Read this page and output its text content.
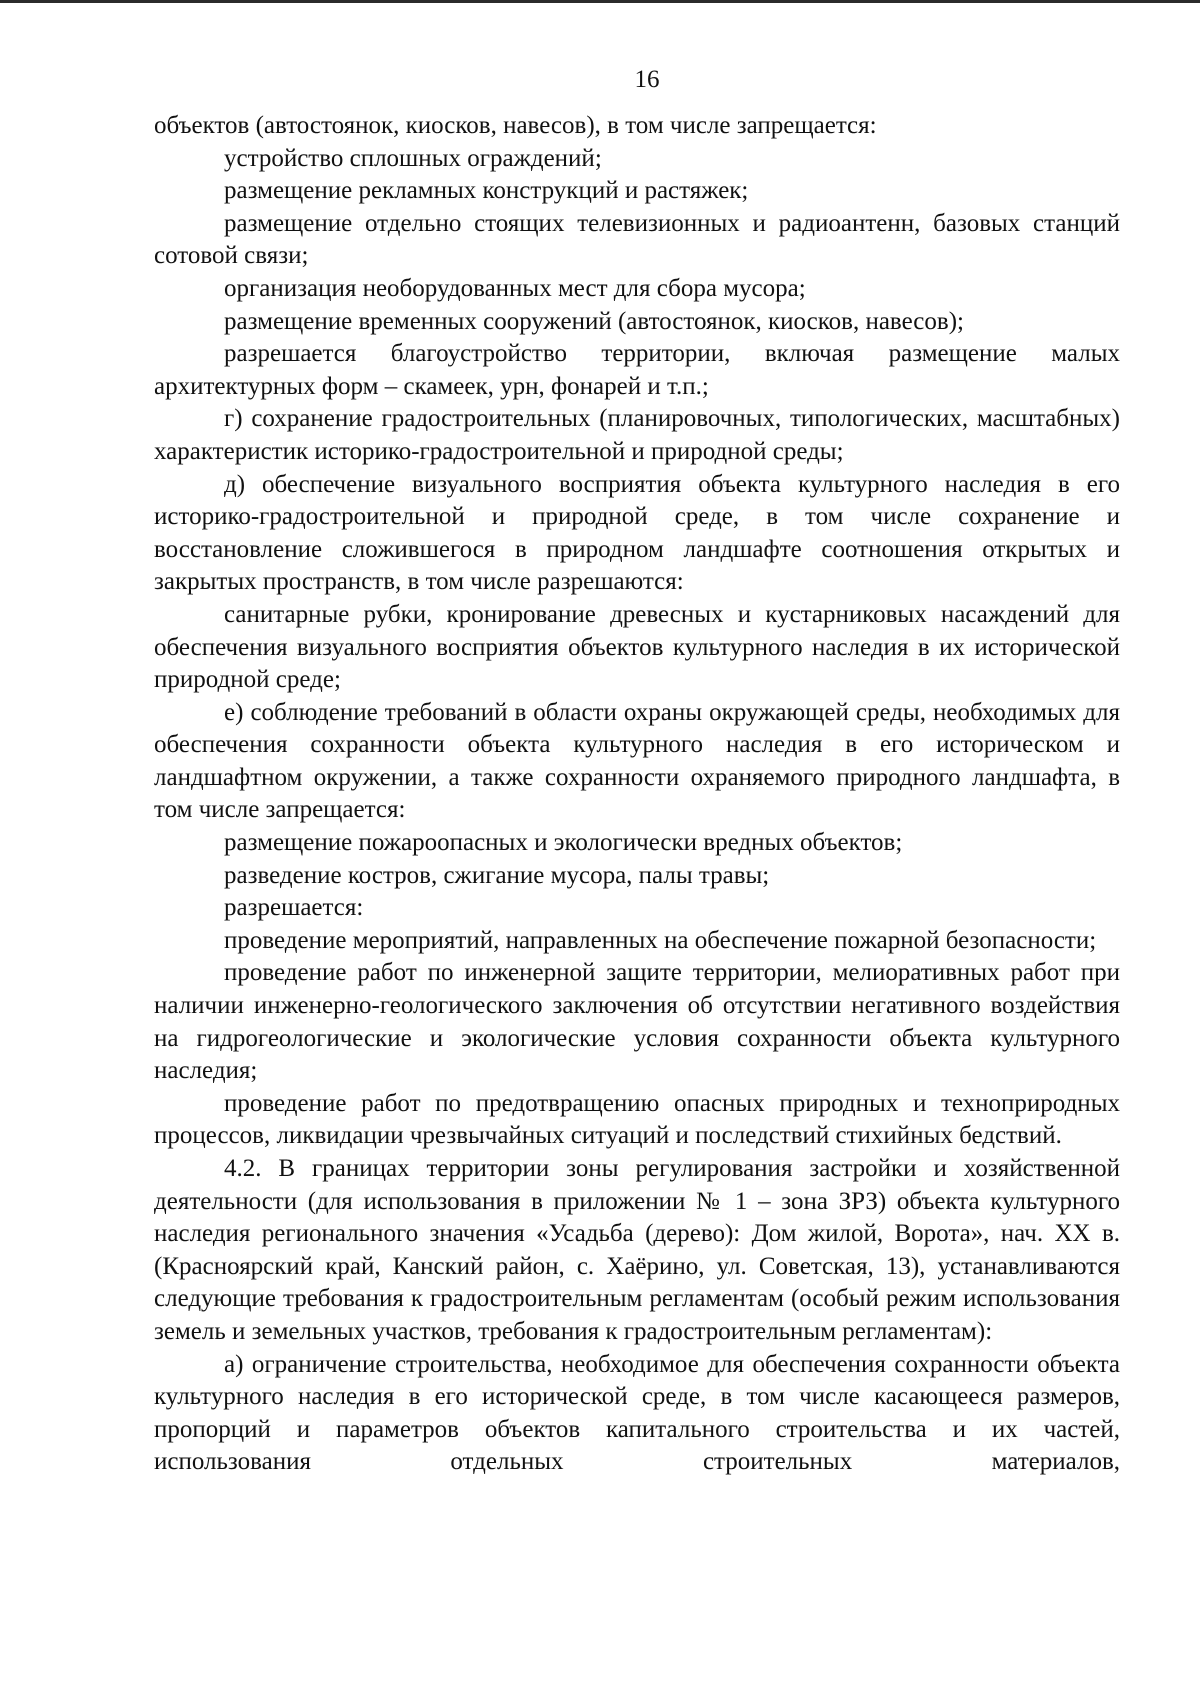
16

объектов (автостоянок, киосков, навесов), в том числе запрещается:

устройство сплошных ограждений;

размещение рекламных конструкций и растяжек;

размещение отдельно стоящих телевизионных и радиоантенн, базовых станций сотовой связи;

организация необорудованных мест для сбора мусора;

размещение временных сооружений (автостоянок, киосков, навесов);

разрешается благоустройство территории, включая размещение малых архитектурных форм – скамеек, урн, фонарей и т.п.;

г) сохранение градостроительных (планировочных, типологических, масштабных) характеристик историко-градостроительной и природной среды;

д) обеспечение визуального восприятия объекта культурного наследия в его историко-градостроительной и природной среде, в том числе сохранение и восстановление сложившегося в природном ландшафте соотношения открытых и закрытых пространств, в том числе разрешаются:

санитарные рубки, кронирование древесных и кустарниковых насаждений для обеспечения визуального восприятия объектов культурного наследия в их исторической природной среде;

е) соблюдение требований в области охраны окружающей среды, необходимых для обеспечения сохранности объекта культурного наследия в его историческом и ландшафтном окружении, а также сохранности охраняемого природного ландшафта, в том числе запрещается:

размещение пожароопасных и экологически вредных объектов;

разведение костров, сжигание мусора, палы травы;

разрешается:

проведение мероприятий, направленных на обеспечение пожарной безопасности;

проведение работ по инженерной защите территории, мелиоративных работ при наличии инженерно-геологического заключения об отсутствии негативного воздействия на гидрогеологические и экологические условия сохранности объекта культурного наследия;

проведение работ по предотвращению опасных природных и технoприродных процессов, ликвидации чрезвычайных ситуаций и последствий стихийных бедствий.

4.2. В границах территории зоны регулирования застройки и хозяйственной деятельности (для использования в приложении № 1 – зона ЗРЗ) объекта культурного наследия регионального значения «Усадьба (дерево): Дом жилой, Ворота», нач. XX в. (Красноярский край, Канский район, с. Хаёрино, ул. Советская, 13), устанавливаются следующие требования к градостроительным регламентам (особый режим использования земель и земельных участков, требования к градостроительным регламентам):

а) ограничение строительства, необходимое для обеспечения сохранности объекта культурного наследия в его исторической среде, в том числе касающееся размеров, пропорций и параметров объектов капитального строительства и их частей, использования отдельных строительных материалов,
